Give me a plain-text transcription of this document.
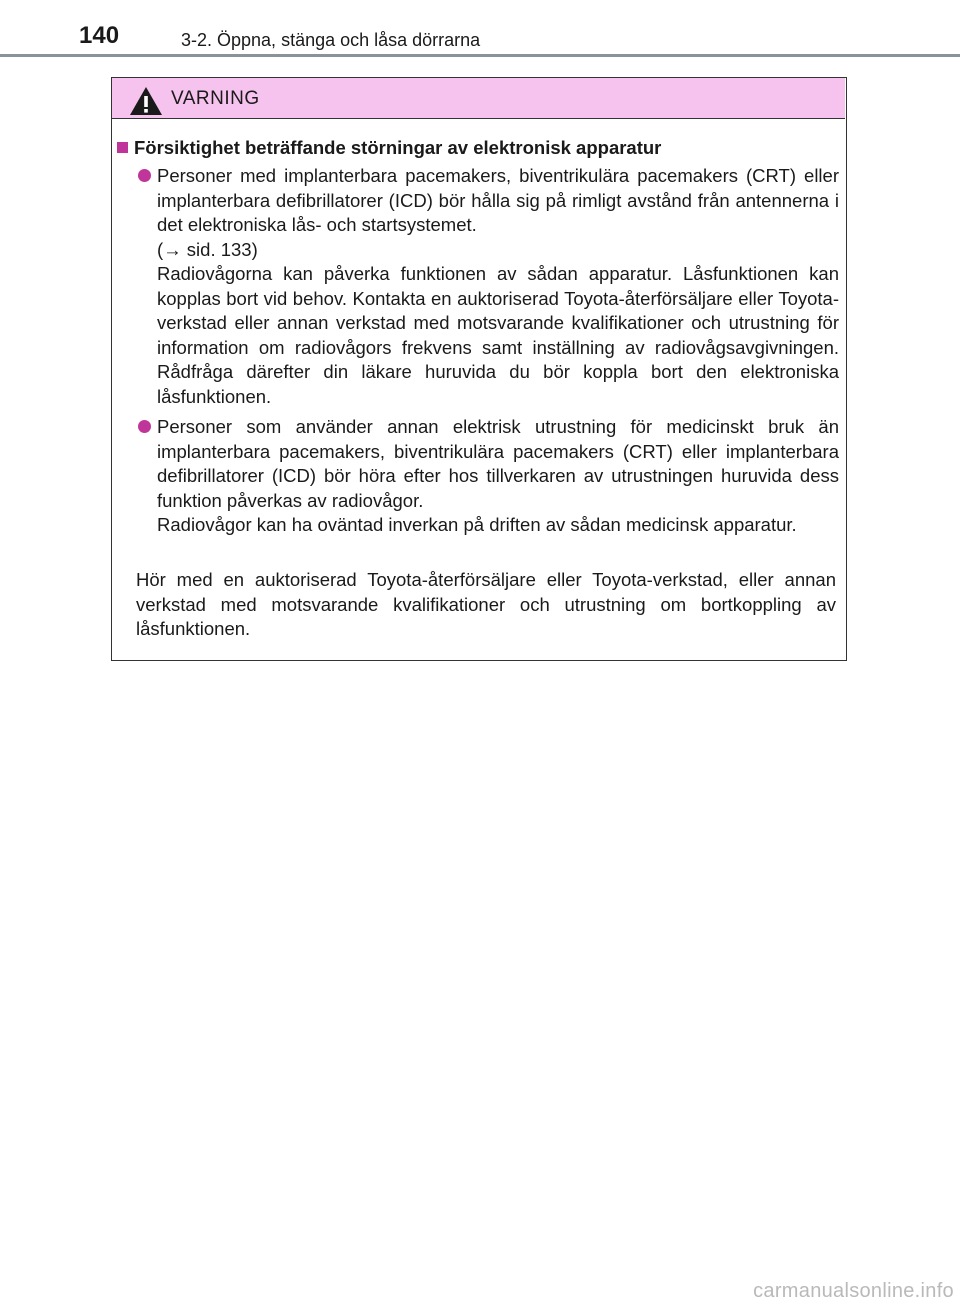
140	3-2. Öppna, stänga och låsa dörrarna
VARNING
Försiktighet beträffande störningar av elektronisk apparatur

Personer med implanterbara pacemakers, biventrikulära pacemakers (CRT) eller implanterbara defibrillatorer (ICD) bör hålla sig på rimligt avstånd från antennerna i det elektroniska lås- och startsystemet.

(→ sid. 133)

Radiovågorna kan påverka funktionen av sådan apparatur. Låsfunktionen kan kopplas bort vid behov. Kontakta en auktoriserad Toyota-återförsäljare eller Toyota-verkstad eller annan verkstad med motsvarande kvalifikationer och utrustning för information om radiovågors frekvens samt inställning av radiovågsavgivningen. Rådfråga därefter din läkare huruvida du bör koppla bort den elektroniska låsfunktionen.

Personer som använder annan elektrisk utrustning för medicinskt bruk än implanterbara pacemakers, biventrikulära pacemakers (CRT) eller implanterbara defibrillatorer (ICD) bör höra efter hos tillverkaren av utrustningen huruvida dess funktion påverkas av radiovågor.

Radiovågor kan ha oväntad inverkan på driften av sådan medicinsk apparatur.

Hör med en auktoriserad Toyota-återförsäljare eller Toyota-verkstad, eller annan verkstad med motsvarande kvalifikationer och utrustning om bortkoppling av låsfunktionen.

carmanualsonline.info
